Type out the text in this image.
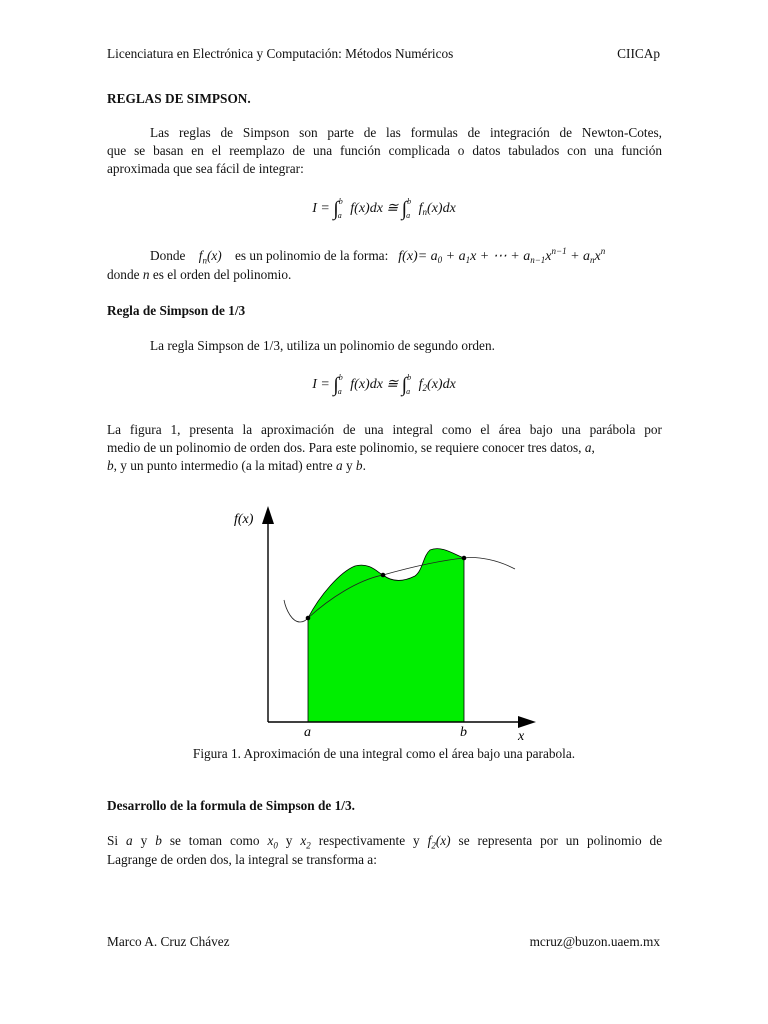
Licenciatura en Electrónica y Computación: Métodos Numéricos	CIICAp
REGLAS DE SIMPSON.
Las reglas de Simpson son parte de las formulas de integración de Newton-Cotes,
que se basan en el reemplazo de una función complicada o datos tabulados con una función
aproximada que sea fácil de integrar:
I = ∫$^b_a$ f(x)dx ≅ ∫$^b_a$ $f_n(x)dx$
Donde $f_n(x)$ es un polinomio de la forma: $f(x)= a_0 + a_1x$ + ⋯ + $a_{n-1}x^{n-1} + a_nx^n$
donde n es el orden del polinomio.
Regla de Simpson de 1/3
La regla Simpson de 1/3, utiliza un polinomio de segundo orden.
I = ∫$^b_a$ f(x)dx ≅ ∫$^b_a$ $f_2(x)dx$
La figura 1, presenta la aproximación de una integral como el área bajo una parábola por
medio de un polinomio de orden dos. Para este polinomio, se requiere conocer tres datos, a,
b, y un punto intermedio (a la mitad) entre a y b.
f(x)
x
a	b
Figura 1. Aproximación de una integral como el área bajo una parabola.
Desarrollo de la formula de Simpson de 1/3.
Si a y b se toman como $x_0$ y $x_2$ respectivamente y $f_2(x)$ se representa por un polinomio de
Lagrange de orden dos, la integral se transforma a:
Marco A. Cruz Chávez	mcruz@buzon.uaem.mx
